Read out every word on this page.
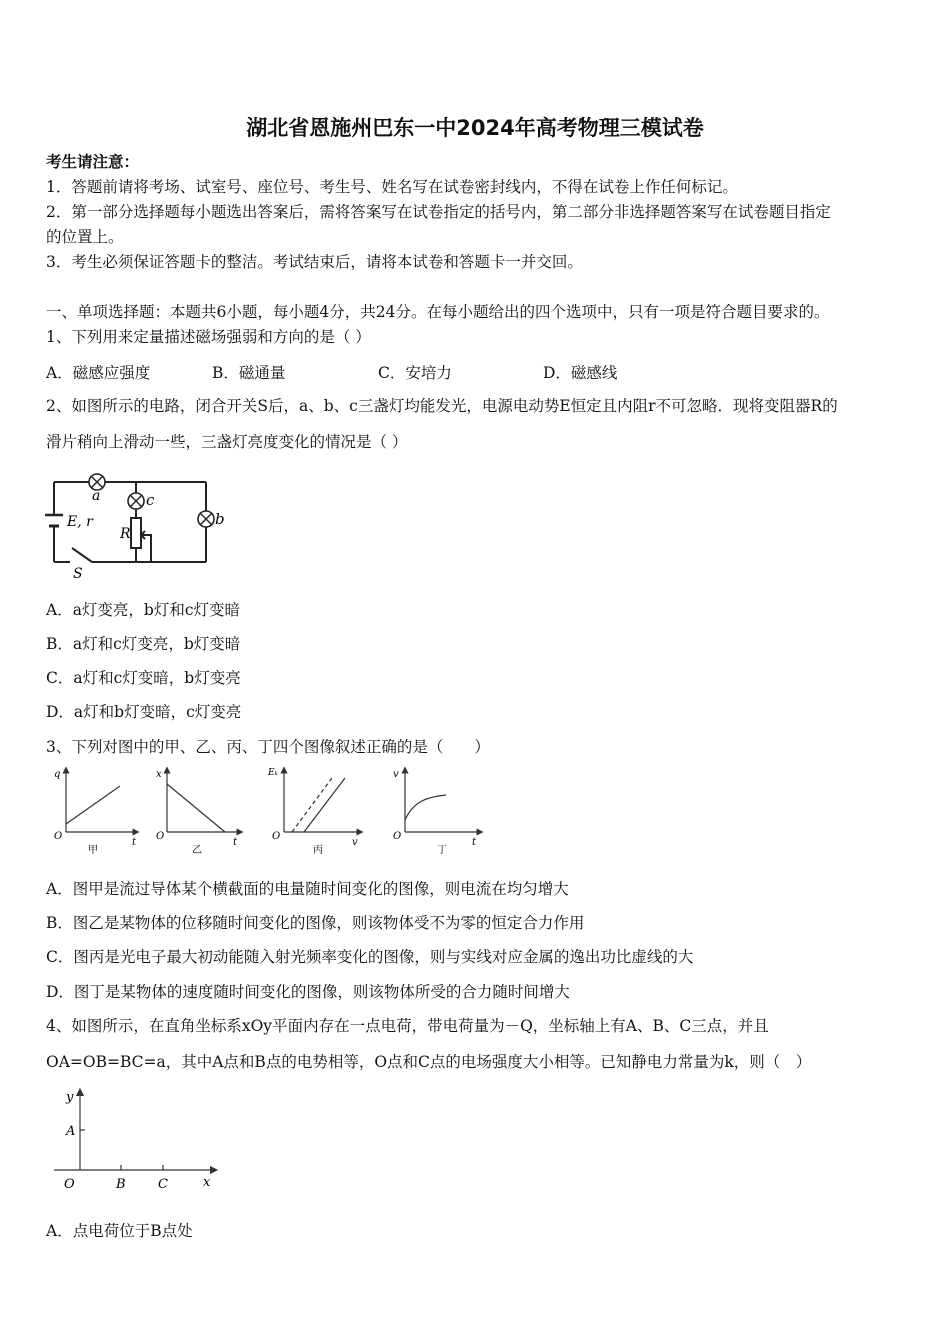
湖北省恩施州巴东一中2024年高考物理三模试卷
考生请注意：
1．答题前请将考场、试室号、座位号、考生号、姓名写在试卷密封线内，不得在试卷上作任何标记。
2．第一部分选择题每小题选出答案后，需将答案写在试卷指定的括号内，第二部分非选择题答案写在试卷题目指定
的位置上。
3．考生必须保证答题卡的整洁。考试结束后，请将本试卷和答题卡一并交回。
一、单项选择题：本题共6小题，每小题4分，共24分。在每小题给出的四个选项中，只有一项是符合题目要求的。
1、下列用来定量描述磁场强弱和方向的是（ ）
A．磁感应强度	B．磁通量	C．安培力	D．磁感线
2、如图所示的电路，闭合开关S后，a、b、c三盏灯均能发光，电源电动势E恒定且内阻r不可忽略．现将变阻器R的
滑片稍向上滑动一些，三盏灯亮度变化的情况是（ ）
a	c
b
E, r
R
S
A．a灯变亮，b灯和c灯变暗
B．a灯和c灯变亮，b灯变暗
C．a灯和c灯变暗，b灯变亮
D．a灯和b灯变暗，c灯变亮
3、下列对图中的甲、乙、丙、丁四个图像叙述正确的是（　　）
q
t
O
甲
x
t
O
乙
Eₖ
v
O
丙
v
t
O
丁
A．图甲是流过导体某个横截面的电量随时间变化的图像，则电流在均匀增大
B．图乙是某物体的位移随时间变化的图像，则该物体受不为零的恒定合力作用
C．图丙是光电子最大初动能随入射光频率变化的图像，则与实线对应金属的逸出功比虚线的大
D．图丁是某物体的速度随时间变化的图像，则该物体所受的合力随时间增大
4、如图所示，在直角坐标系xOy平面内存在一点电荷，带电荷量为－Q，坐标轴上有A、B、C三点，并且
OA=OB=BC=a，其中A点和B点的电势相等，O点和C点的电场强度大小相等。已知静电力常量为k，则（　）
y
A
O	B C	x
A．点电荷位于B点处
